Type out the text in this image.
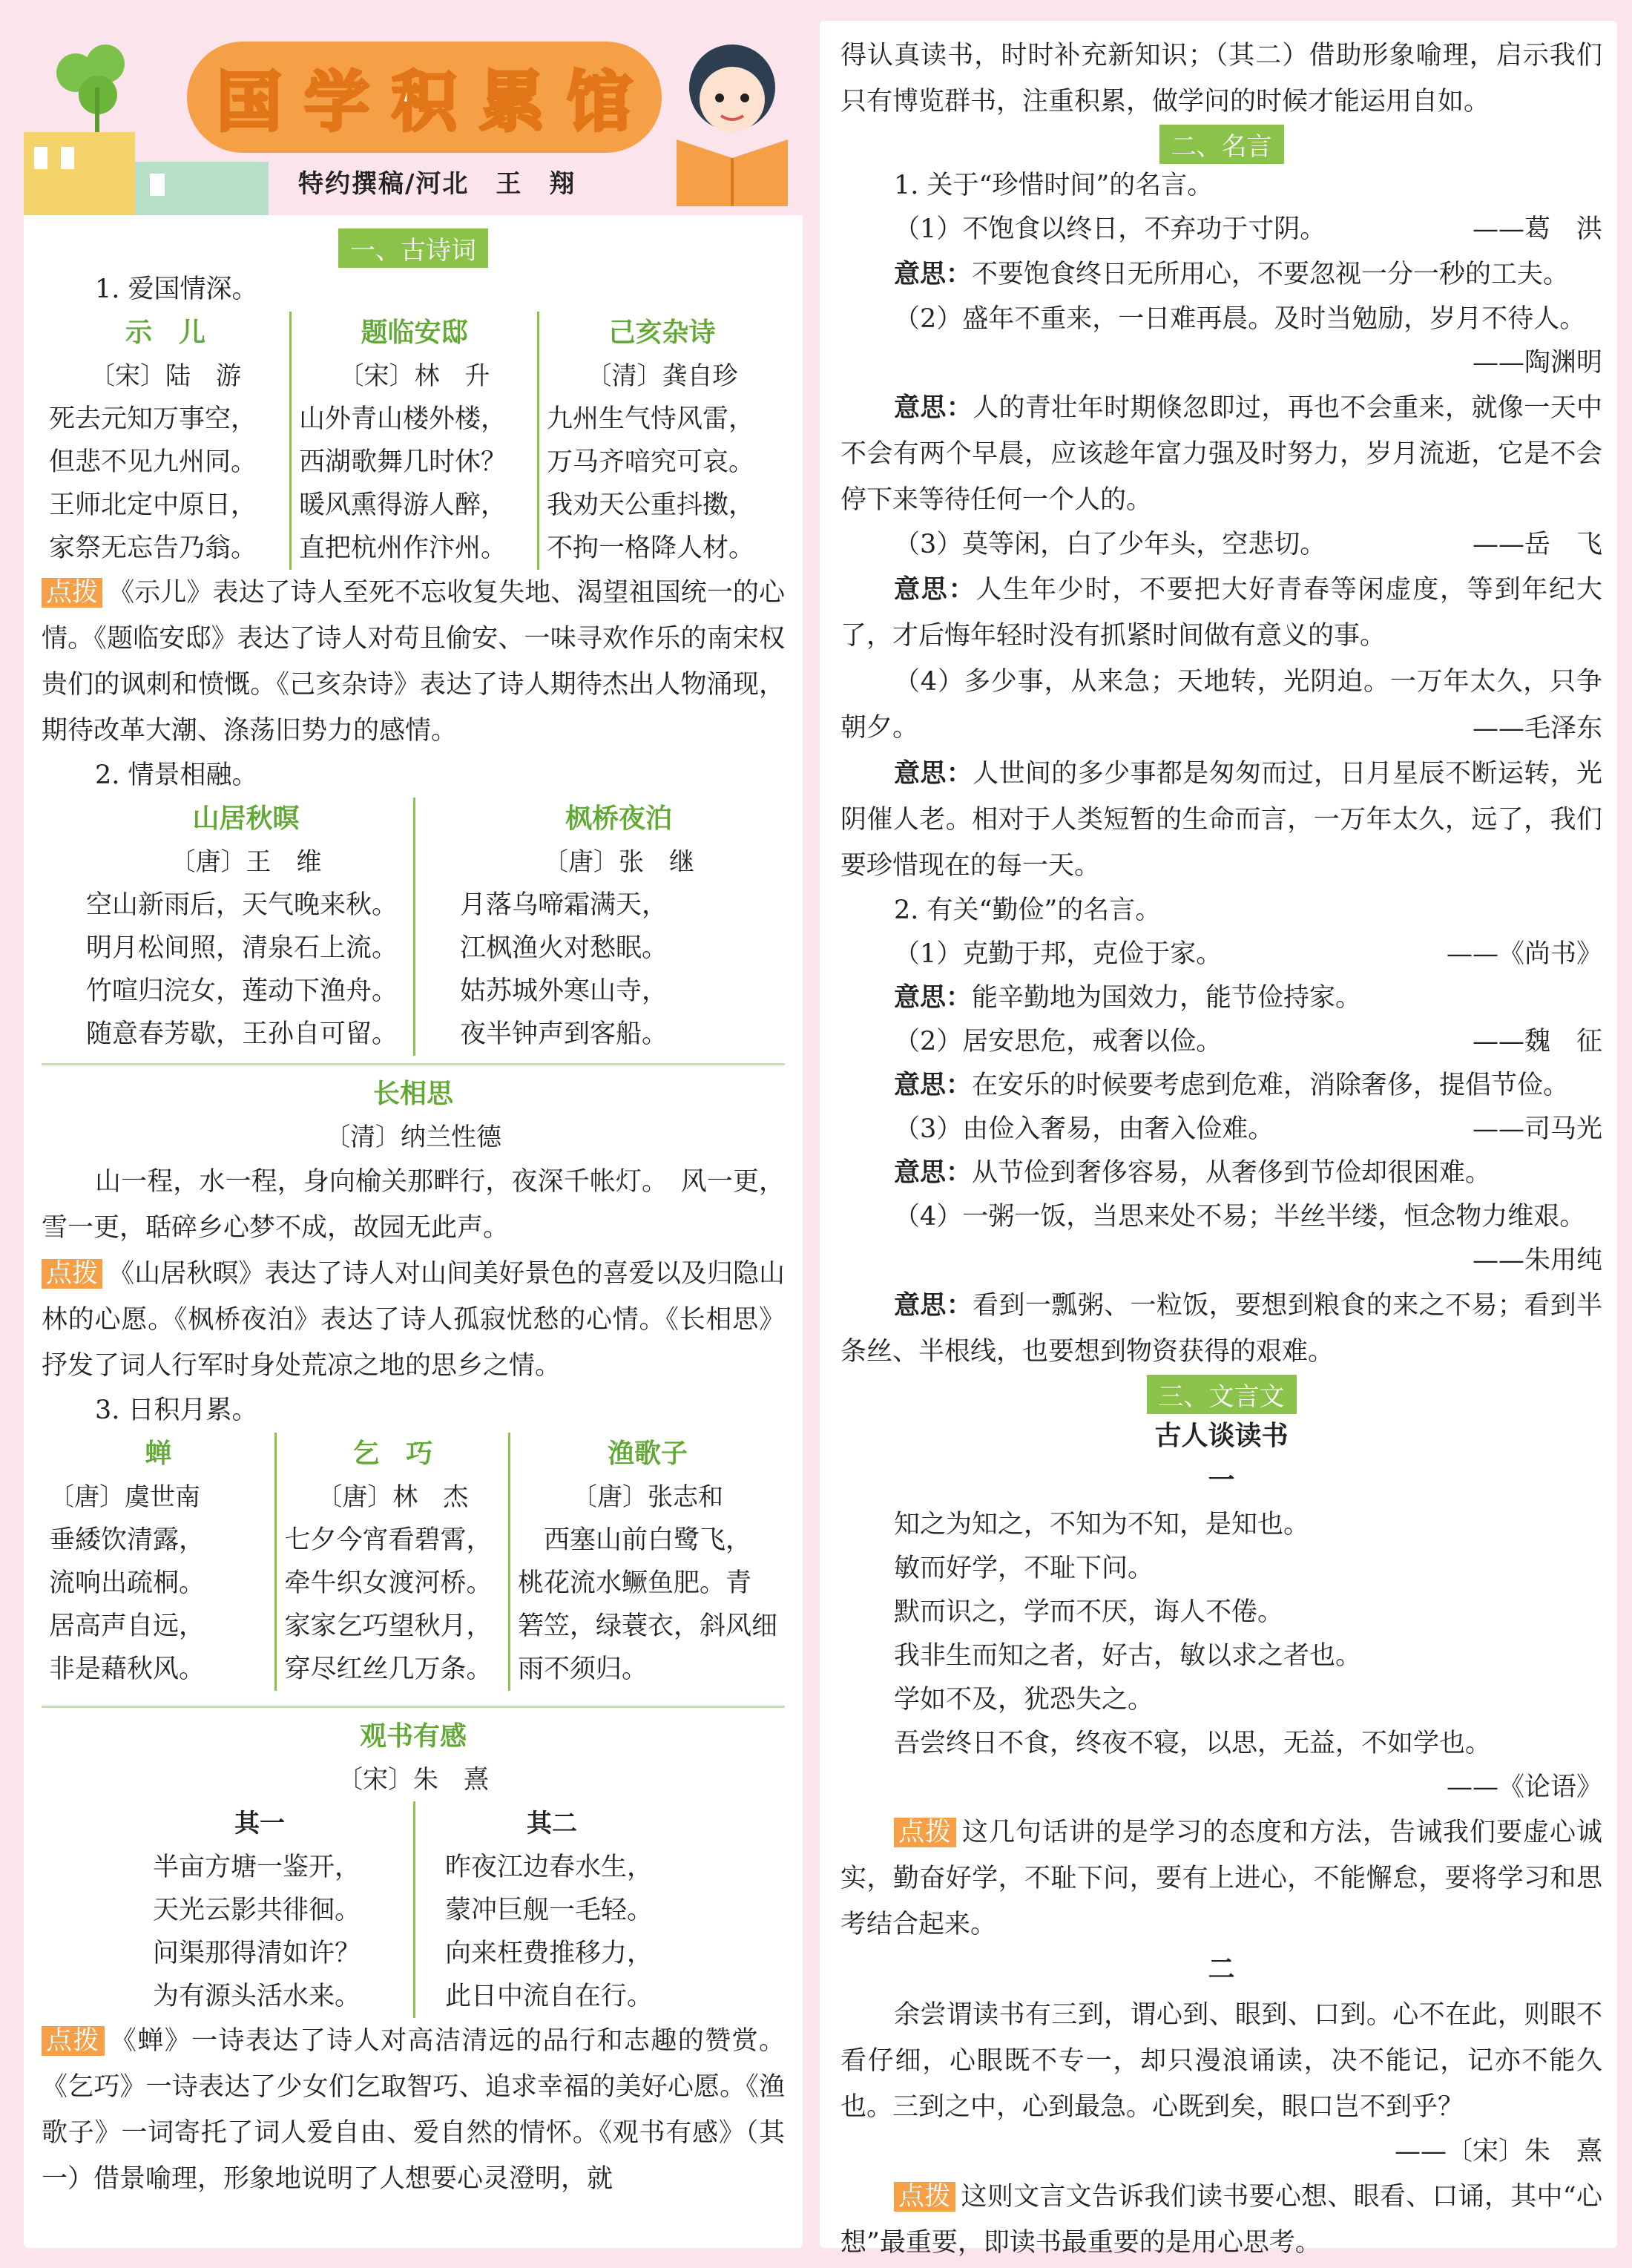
国 学 积 累 馆
特约撰稿/河北　王　翔
一、古诗词
1. 爱国情深。
示　儿
〔宋〕陆　游
死去元知万事空，
但悲不见九州同。
王师北定中原日，
家祭无忘告乃翁。
题临安邸
〔宋〕林　升
山外青山楼外楼，
西湖歌舞几时休？
暖风熏得游人醉，
直把杭州作汴州。
己亥杂诗
〔清〕龚自珍
九州生气恃风雷，
万马齐喑究可哀。
我劝天公重抖擞，
不拘一格降人材。
点拨 《示儿》表达了诗人至死不忘收复失地、渴望祖国统一的心情。《题临安邸》表达了诗人对苟且偷安、一味寻欢作乐的南宋权贵们的讽刺和愤慨。《己亥杂诗》表达了诗人期待杰出人物涌现，期待改革大潮、涤荡旧势力的感情。
2. 情景相融。
山居秋暝
〔唐〕王　维
空山新雨后，天气晚来秋。
明月松间照，清泉石上流。
竹喧归浣女，莲动下渔舟。
随意春芳歇，王孙自可留。
枫桥夜泊
〔唐〕张　继
月落乌啼霜满天，
江枫渔火对愁眠。
姑苏城外寒山寺，
夜半钟声到客船。
长相思
〔清〕纳兰性德
山一程，水一程，身向榆关那畔行，夜深千帐灯。　风一更，雪一更，聒碎乡心梦不成，故园无此声。
点拨 《山居秋暝》表达了诗人对山间美好景色的喜爱以及归隐山林的心愿。《枫桥夜泊》表达了诗人孤寂忧愁的心情。《长相思》抒发了词人行军时身处荒凉之地的思乡之情。
3. 日积月累。
蝉
〔唐〕虞世南
垂緌饮清露，
流响出疏桐。
居高声自远，
非是藉秋风。
乞　巧
〔唐〕林　杰
七夕今宵看碧霄，
牵牛织女渡河桥。
家家乞巧望秋月，
穿尽红丝几万条。
渔歌子
〔唐〕张志和
　西塞山前白鹭飞，
桃花流水鳜鱼肥。青
箬笠，绿蓑衣，斜风细
雨不须归。
观书有感
〔宋〕朱　熹
其一
半亩方塘一鉴开，
天光云影共徘徊。
问渠那得清如许？
为有源头活水来。
其二
昨夜江边春水生，
蒙冲巨舰一毛轻。
向来枉费推移力，
此日中流自在行。
点拨 《蝉》一诗表达了诗人对高洁清远的品行和志趣的赞赏。《乞巧》一诗表达了少女们乞取智巧、追求幸福的美好心愿。《渔歌子》一词寄托了词人爱自由、爱自然的情怀。《观书有感》（其一）借景喻理，形象地说明了人想要心灵澄明，就
得认真读书，时时补充新知识；（其二）借助形象喻理，启示我们只有博览群书，注重积累，做学问的时候才能运用自如。
二、名言
1. 关于“珍惜时间”的名言。
（1）不饱食以终日，不弃功于寸阴。	——葛　洪
意思：不要饱食终日无所用心，不要忽视一分一秒的工夫。
（2）盛年不重来，一日难再晨。及时当勉励，岁月不待人。
——陶渊明
意思：人的青壮年时期倏忽即过，再也不会重来，就像一天中不会有两个早晨，应该趁年富力强及时努力，岁月流逝，它是不会停下来等待任何一个人的。
（3）莫等闲，白了少年头，空悲切。	——岳　飞
意思：人生年少时，不要把大好青春等闲虚度，等到年纪大了，才后悔年轻时没有抓紧时间做有意义的事。
（4）多少事，从来急；天地转，光阴迫。一万年太久，只争朝夕。	——毛泽东
意思：人世间的多少事都是匆匆而过，日月星辰不断运转，光阴催人老。相对于人类短暂的生命而言，一万年太久，远了，我们要珍惜现在的每一天。
2. 有关“勤俭”的名言。
（1）克勤于邦，克俭于家。	——《尚书》
意思：能辛勤地为国效力，能节俭持家。
（2）居安思危，戒奢以俭。	——魏　征
意思：在安乐的时候要考虑到危难，消除奢侈，提倡节俭。
（3）由俭入奢易，由奢入俭难。	——司马光
意思：从节俭到奢侈容易，从奢侈到节俭却很困难。
（4）一粥一饭，当思来处不易；半丝半缕，恒念物力维艰。
——朱用纯
意思：看到一瓢粥、一粒饭，要想到粮食的来之不易；看到半条丝、半根线，也要想到物资获得的艰难。
三、文言文
古人谈读书
一
知之为知之，不知为不知，是知也。
敏而好学，不耻下问。
默而识之，学而不厌，诲人不倦。
我非生而知之者，好古，敏以求之者也。
学如不及，犹恐失之。
吾尝终日不食，终夜不寝，以思，无益，不如学也。
——《论语》
点拨 这几句话讲的是学习的态度和方法，告诫我们要虚心诚实，勤奋好学，不耻下问，要有上进心，不能懈怠，要将学习和思考结合起来。
二
余尝谓读书有三到，谓心到、眼到、口到。心不在此，则眼不看仔细，心眼既不专一，却只漫浪诵读，决不能记，记亦不能久也。三到之中，心到最急。心既到矣，眼口岂不到乎？
——〔宋〕朱　熹
点拨 这则文言文告诉我们读书要心想、眼看、口诵，其中“心想”最重要，即读书最重要的是用心思考。
